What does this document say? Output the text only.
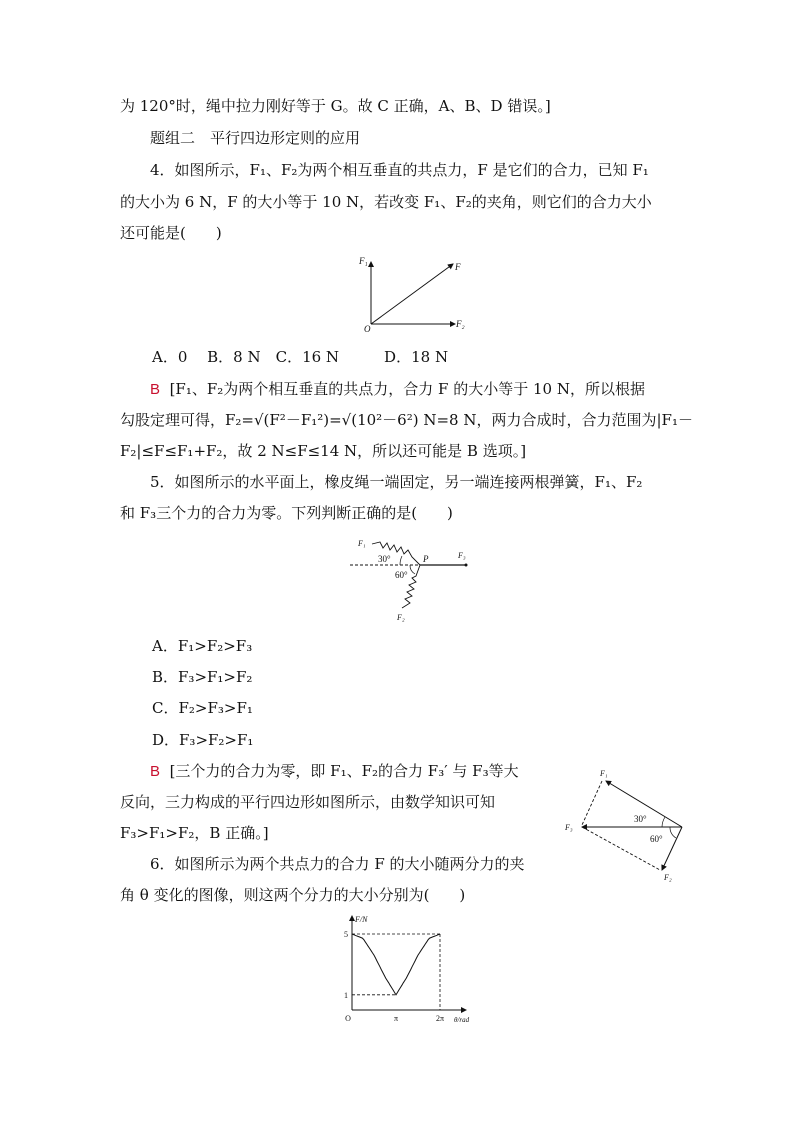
为 120°时，绳中拉力刚好等于 G。故 C 正确，A、B、D 错误。]
题组二　平行四边形定则的应用
4．如图所示，F₁、F₂为两个相互垂直的共点力，F 是它们的合力，已知 F₁
的大小为 6 N，F 的大小等于 10 N，若改变 F₁、F₂的夹角，则它们的合力大小
还可能是(　　)
F₁
F
F₂
O
A．0　 B．8 N　C．16 N　　　D．18 N
B [F₁、F₂为两个相互垂直的共点力，合力 F 的大小等于 10 N，所以根据
勾股定理可得，F₂=√(F²－F₁²)=√(10²－6²) N=8 N，两力合成时，合力范围为|F₁－
F₂|≤F≤F₁+F₂，故 2 N≤F≤14 N，所以还可能是 B 选项。]
5．如图所示的水平面上，橡皮绳一端固定，另一端连接两根弹簧，F₁、F₂
和 F₃三个力的合力为零。下列判断正确的是(　　)
F₁
30°	P	F₃
60°
F₂
A．F₁>F₂>F₃
B．F₃>F₁>F₂
C．F₂>F₃>F₁
D．F₃>F₂>F₁
B [三个力的合力为零，即 F₁、F₂的合力 F₃′ 与 F₃等大
反向，三力构成的平行四边形如图所示，由数学知识可知
F₃>F₁>F₂，B 正确。]
F₁
F₃
30°
60°
F₂
6．如图所示为两个共点力的合力 F 的大小随两分力的夹
角 θ 变化的图像，则这两个分力的大小分别为(　　)
F/N
θ/rad
O	π	2π
1
5
